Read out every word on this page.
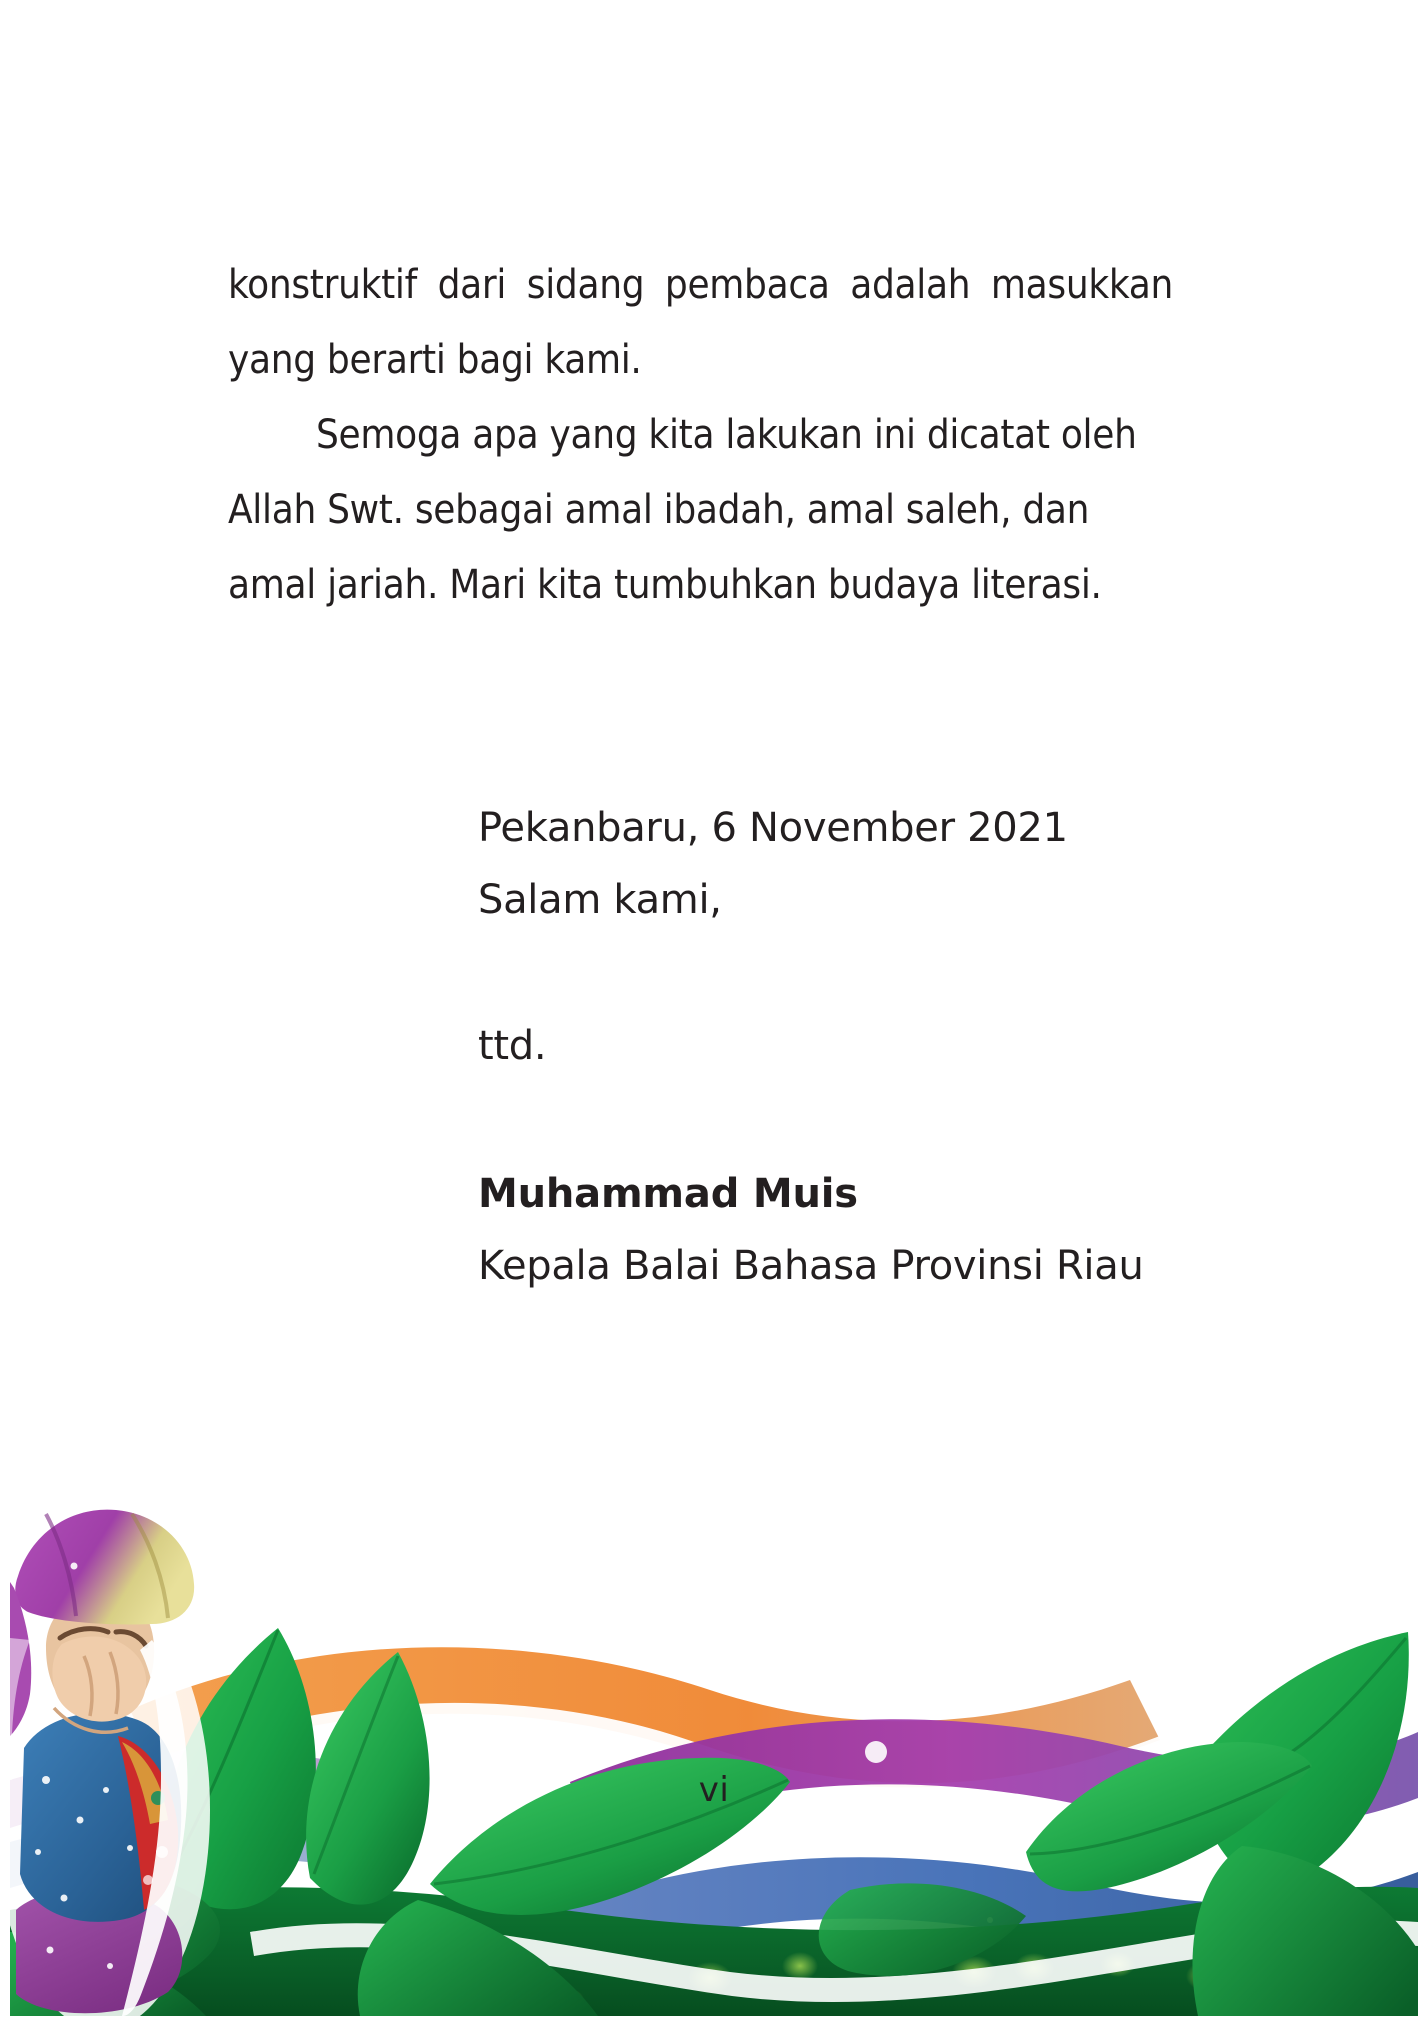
konstruktif dari sidang pembaca adalah masukkan yang berarti bagi kami.

Semoga apa yang kita lakukan ini dicatat oleh Allah Swt. sebagai amal ibadah, amal saleh, dan amal jariah. Mari kita tumbuhkan budaya literasi.

Pekanbaru, 6 November 2021

Salam kami,

ttd.

Muhammad Muis

Kepala Balai Bahasa Provinsi Riau

vi
